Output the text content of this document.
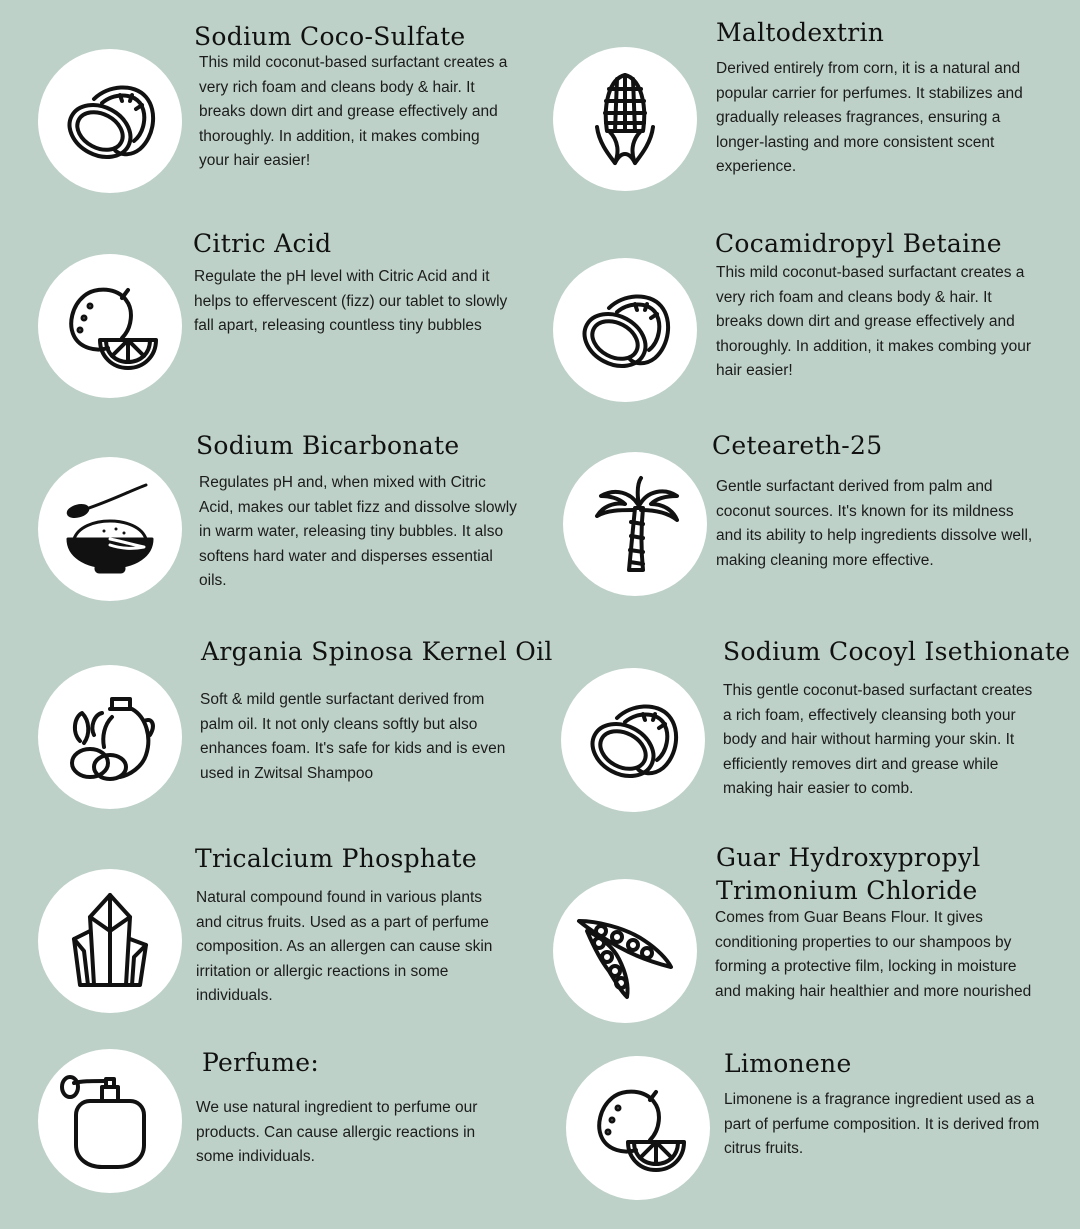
Sodium Coco-Sulfate

This mild coconut-based surfactant creates a very rich foam and cleans body & hair. It breaks down dirt and grease effectively and thoroughly. In addition, it makes combing your hair easier!

Maltodextrin

Derived entirely from corn, it is a natural and popular carrier for perfumes. It stabilizes and gradually releases fragrances, ensuring a longer-lasting and more consistent scent experience.

Citric Acid

Regulate the pH level with Citric Acid and it helps to effervescent (fizz) our tablet to slowly fall apart, releasing countless tiny bubbles

Cocamidropyl Betaine

This mild coconut-based surfactant creates a very rich foam and cleans body & hair. It breaks down dirt and grease effectively and thoroughly. In addition, it makes combing your hair easier!

Sodium Bicarbonate

Regulates pH and, when mixed with Citric Acid, makes our tablet fizz and dissolve slowly in warm water, releasing tiny bubbles. It also softens hard water and disperses essential oils.

Ceteareth-25

Gentle surfactant derived from palm and coconut sources. It's known for its mildness and its ability to help ingredients dissolve well, making cleaning more effective.

Argania Spinosa Kernel Oil

Soft & mild gentle surfactant derived from palm oil. It not only cleans softly but also enhances foam. It's safe for kids and is even used in Zwitsal Shampoo

Sodium Cocoyl Isethionate

This gentle coconut-based surfactant creates a rich foam, effectively cleansing both your body and hair without harming your skin. It efficiently removes dirt and grease while making hair easier to comb.

Tricalcium Phosphate

Natural compound found in various plants and citrus fruits. Used as a part of perfume composition. As an allergen can cause skin irritation or allergic reactions in some individuals.

Guar Hydroxypropyl Trimonium Chloride

Comes from Guar Beans Flour. It gives conditioning properties to our shampoos by forming a protective film, locking in moisture and making hair healthier and more nourished

Perfume:

We use natural ingredient to perfume our products. Can cause allergic reactions in some individuals.

Limonene

Limonene is a fragrance ingredient used as a part of perfume composition. It is derived from citrus fruits.
